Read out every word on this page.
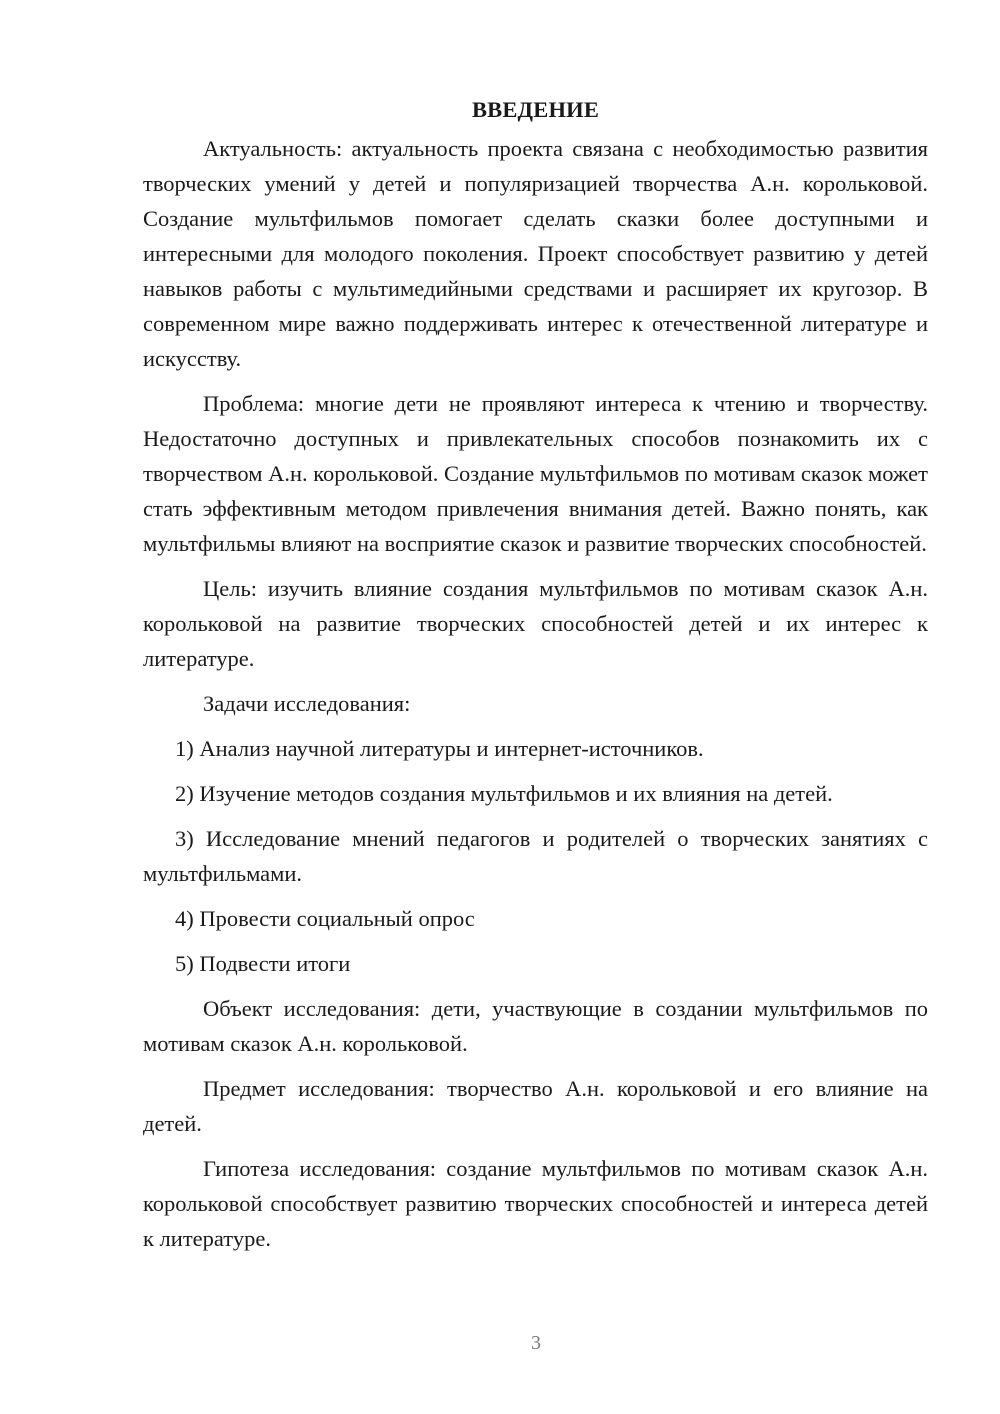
ВВЕДЕНИЕ

Актуальность: актуальность проекта связана с необходимостью развития творческих умений у детей и популяризацией творчества А.н. корольковой. Создание мультфильмов помогает сделать сказки более доступными и интересными для молодого поколения. Проект способствует развитию у детей навыков работы с мультимедийными средствами и расширяет их кругозор. В современном мире важно поддерживать интерес к отечественной литературе и искусству.

Проблема: многие дети не проявляют интереса к чтению и творчеству. Недостаточно доступных и привлекательных способов познакомить их с творчеством А.н. корольковой. Создание мультфильмов по мотивам сказок может стать эффективным методом привлечения внимания детей. Важно понять, как мультфильмы влияют на восприятие сказок и развитие творческих способностей.

Цель: изучить влияние создания мультфильмов по мотивам сказок А.н. корольковой на развитие творческих способностей детей и их интерес к литературе.

Задачи исследования:

1) Анализ научной литературы и интернет-источников.

2) Изучение методов создания мультфильмов и их влияния на детей.

3) Исследование мнений педагогов и родителей о творческих занятиях с мультфильмами.

4) Провести социальный опрос

5) Подвести итоги

Объект исследования: дети, участвующие в создании мультфильмов по мотивам сказок А.н. корольковой.

Предмет исследования: творчество А.н. корольковой и его влияние на детей.

Гипотеза исследования: создание мультфильмов по мотивам сказок А.н. корольковой способствует развитию творческих способностей и интереса детей к литературе.

3
